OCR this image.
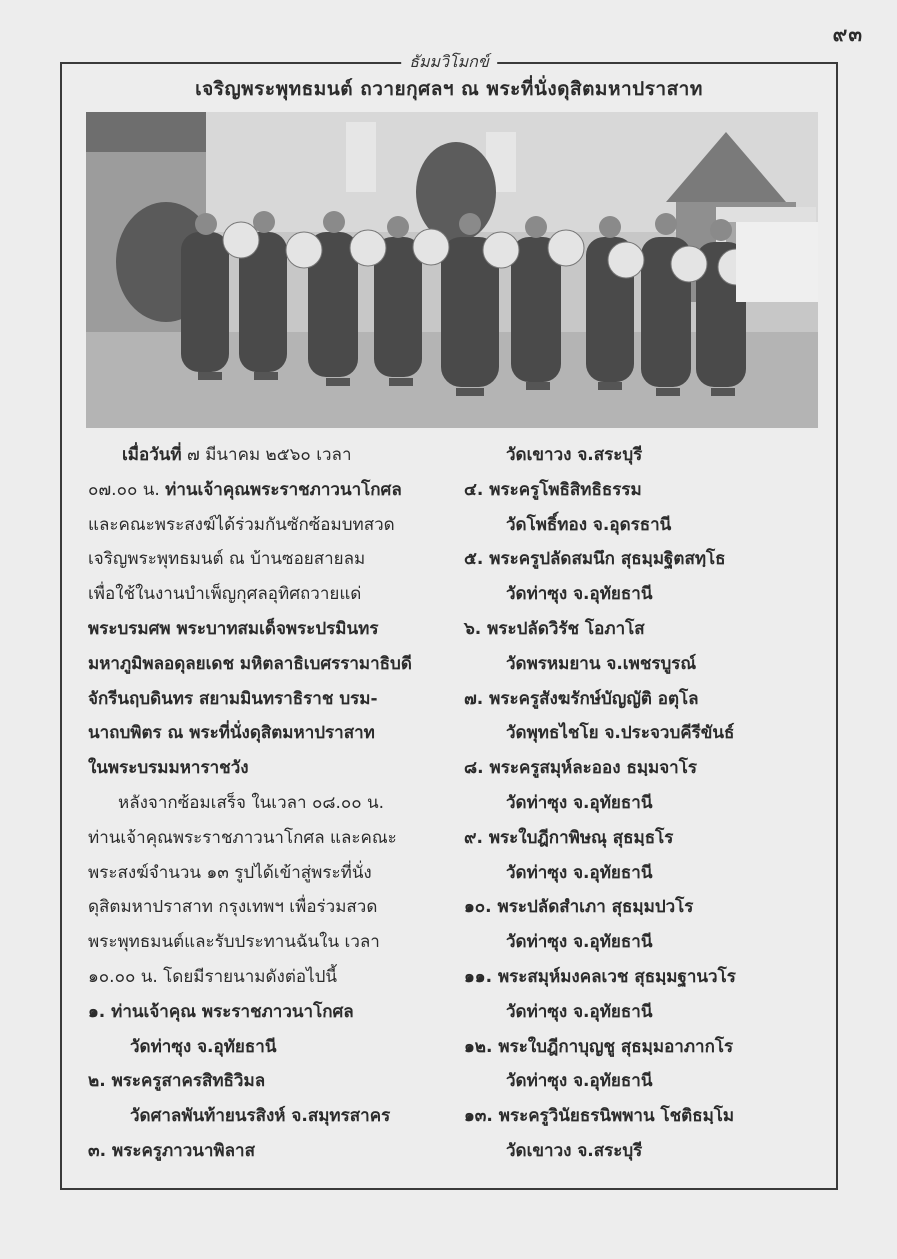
๙๓
ธัมมวิโมกข์
เจริญพระพุทธมนต์ ถวายกุศลฯ ณ พระที่นั่งดุสิตมหาปราสาท

  เมื่อวันที่ ๗ มีนาคม ๒๕๖๐ เวลา

๐๗.๐๐ น. ท่านเจ้าคุณพระราชภาวนาโกศล

และคณะพระสงฆ์ได้ร่วมกันซักซ้อมบทสวด

เจริญพระพุทธมนต์ ณ บ้านซอยสายลม

เพื่อใช้ในงานบำเพ็ญกุศลอุทิศถวายแด่

พระบรมศพ พระบาทสมเด็จพระปรมินทร

มหาภูมิพลอดุลยเดช มหิตลาธิเบศรรามาธิบดี

จักรีนฤบดินทร สยามมินทราธิราช บรม-

นาถบพิตร ณ พระที่นั่งดุสิตมหาปราสาท

ในพระบรมมหาราชวัง

หลังจากซ้อมเสร็จ ในเวลา ๐๘.๐๐ น.

ท่านเจ้าคุณพระราชภาวนาโกศล และคณะ

พระสงฆ์จำนวน ๑๓ รูปได้เข้าสู่พระที่นั่ง

ดุสิตมหาปราสาท กรุงเทพฯ เพื่อร่วมสวด

พระพุทธมนต์และรับประทานฉันใน เวลา

๑๐.๐๐ น. โดยมีรายนามดังต่อไปนี้

๑. ท่านเจ้าคุณ พระราชภาวนาโกศล

วัดท่าซุง จ.อุทัยธานี

๒. พระครูสาครสิทธิวิมล

วัดศาลพันท้ายนรสิงห์ จ.สมุทรสาคร

๓. พระครูภาวนาพิลาส

วัดเขาวง จ.สระบุรี

๔. พระครูโพธิสิทธิธรรม

วัดโพธิ์ทอง จ.อุดรธานี

๕. พระครูปลัดสมนึก สุธมฺมฐิตสทฺโธ

วัดท่าซุง จ.อุทัยธานี

๖. พระปลัดวิรัช โอภาโส

วัดพรหมยาน จ.เพชรบูรณ์

๗. พระครูสังฆรักษ์บัญญัติ อตุโล

วัดพุทธไชโย จ.ประจวบคีรีขันธ์

๘. พระครูสมุห์ละออง ธมฺมจาโร

วัดท่าซุง จ.อุทัยธานี

๙. พระใบฎีกาพิษณุ สุธมฺธโร

วัดท่าซุง จ.อุทัยธานี

๑๐. พระปลัดสำเภา สุธมฺมปวโร

วัดท่าซุง จ.อุทัยธานี

๑๑. พระสมุห์มงคลเวช สุธมฺมฐานวโร

วัดท่าซุง จ.อุทัยธานี

๑๒. พระใบฎีกาบุญชู สุธมฺมอาภากโร

วัดท่าซุง จ.อุทัยธานี

๑๓. พระครูวินัยธรนิพพาน โชติธมฺโม

วัดเขาวง จ.สระบุรี
